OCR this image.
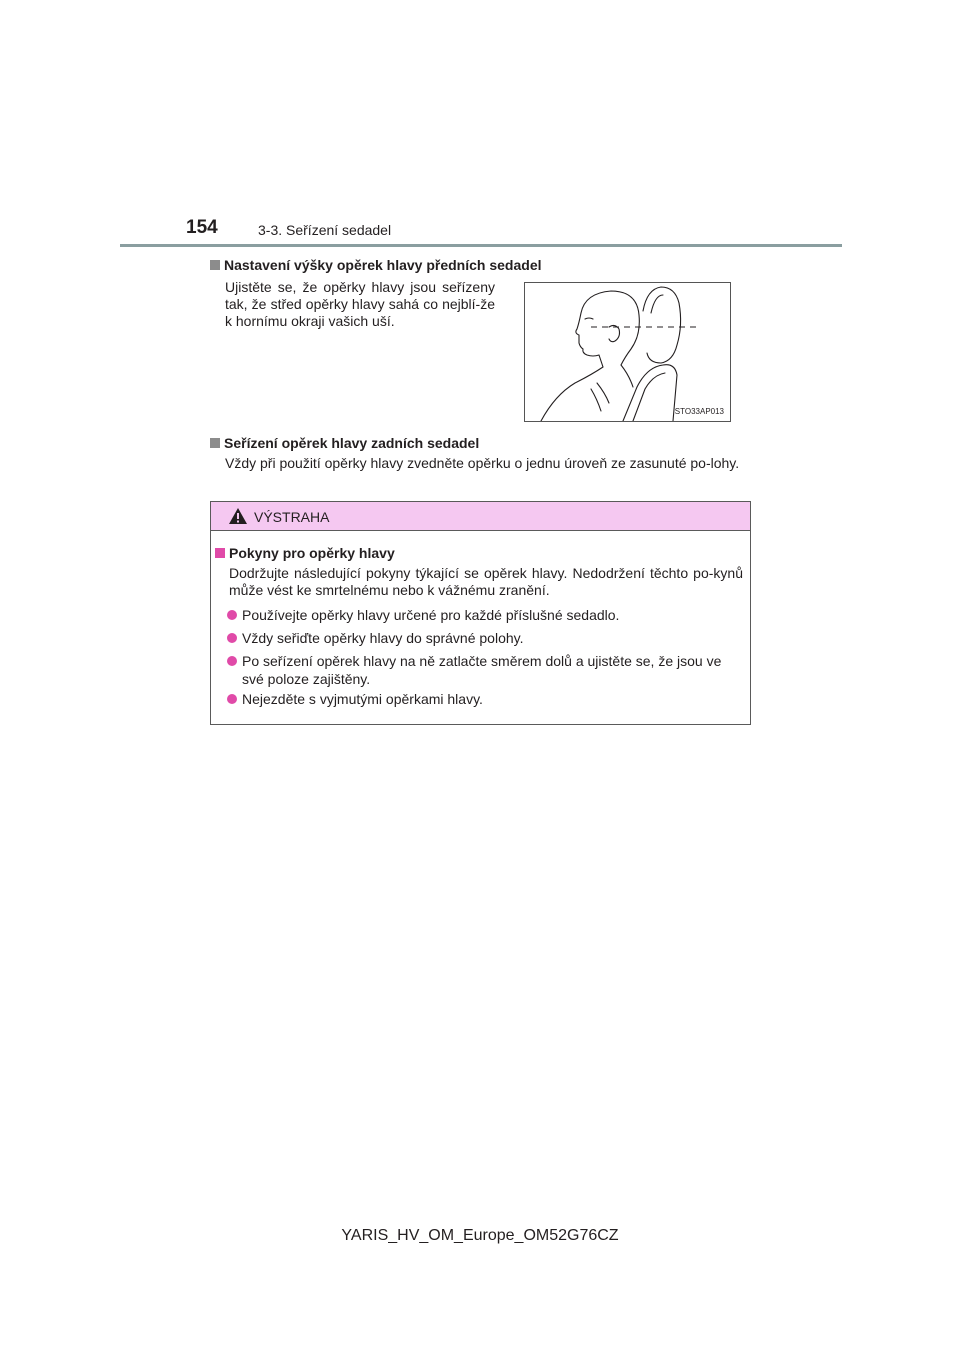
154	3-3. Seřízení sedadel
Nastavení výšky opěrek hlavy předních sedadel
Ujistěte se, že opěrky hlavy jsou seřízeny tak, že střed opěrky hlavy sahá co nejblí-že k hornímu okraji vašich uší.
STO33AP013
Seřízení opěrek hlavy zadních sedadel
Vždy při použití opěrky hlavy zvedněte opěrku o jednu úroveň ze zasunuté po-lohy.
VÝSTRAHA
Pokyny pro opěrky hlavy
Dodržujte následující pokyny týkající se opěrek hlavy. Nedodržení těchto po-kynů může vést ke smrtelnému nebo k vážnému zranění.
Používejte opěrky hlavy určené pro každé příslušné sedadlo.
Vždy seřiďte opěrky hlavy do správné polohy.
Po seřízení opěrek hlavy na ně zatlačte směrem dolů a ujistěte se, že jsou ve své poloze zajištěny.
Nejezděte s vyjmutými opěrkami hlavy.
YARIS_HV_OM_Europe_OM52G76CZ
